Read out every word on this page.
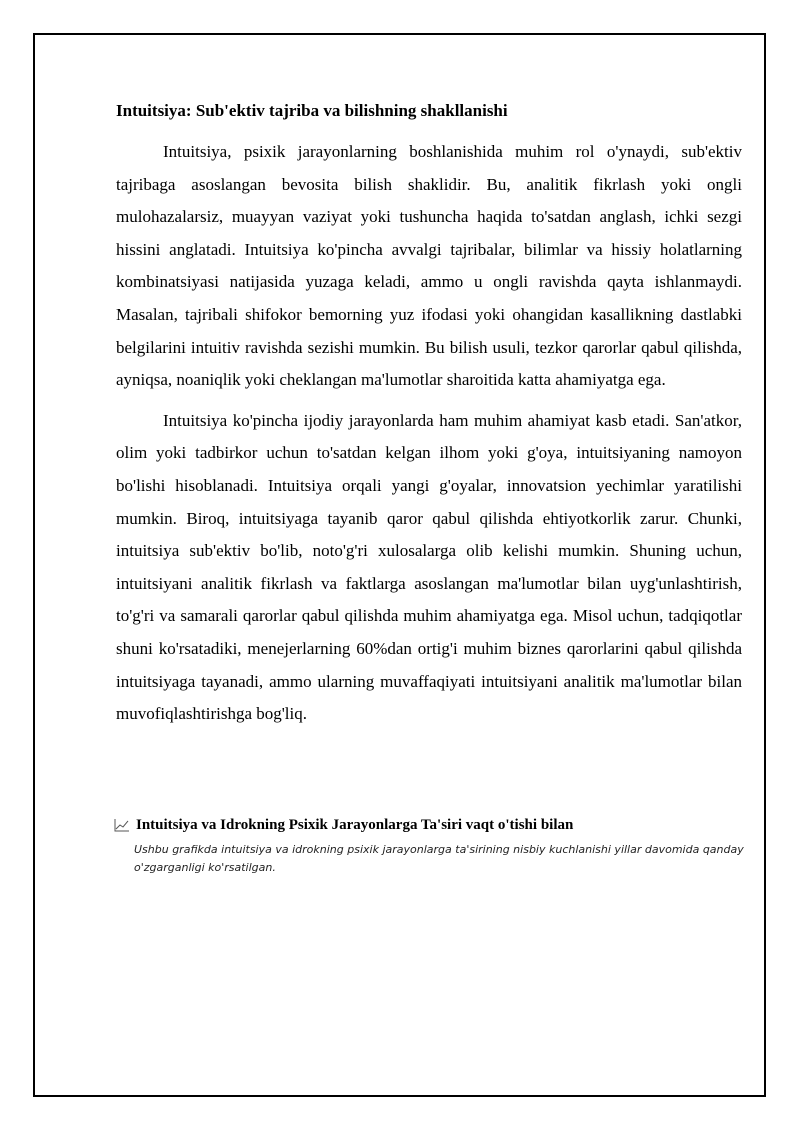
Intuitsiya: Sub'ektiv tajriba va bilishning shakllanishi

Intuitsiya, psixik jarayonlarning boshlanishida muhim rol o'ynaydi, sub'ektiv tajribaga asoslangan bevosita bilish shaklidir. Bu, analitik fikrlash yoki ongli mulohazalarsiz, muayyan vaziyat yoki tushuncha haqida to'satdan anglash, ichki sezgi hissini anglatadi. Intuitsiya ko'pincha avvalgi tajribalar, bilimlar va hissiy holatlarning kombinatsiyasi natijasida yuzaga keladi, ammo u ongli ravishda qayta ishlanmaydi. Masalan, tajribali shifokor bemorning yuz ifodasi yoki ohangidan kasallikning dastlabki belgilarini intuitiv ravishda sezishi mumkin. Bu bilish usuli, tezkor qarorlar qabul qilishda, ayniqsa, noaniqlik yoki cheklangan ma'lumotlar sharoitida katta ahamiyatga ega.

Intuitsiya ko'pincha ijodiy jarayonlarda ham muhim ahamiyat kasb etadi. San'atkor, olim yoki tadbirkor uchun to'satdan kelgan ilhom yoki g'oya, intuitsiyaning namoyon bo'lishi hisoblanadi. Intuitsiya orqali yangi g'oyalar, innovatsion yechimlar yaratilishi mumkin. Biroq, intuitsiyaga tayanib qaror qabul qilishda ehtiyotkorlik zarur. Chunki, intuitsiya sub'ektiv bo'lib, noto'g'ri xulosalarga olib kelishi mumkin. Shuning uchun, intuitsiyani analitik fikrlash va faktlarga asoslangan ma'lumotlar bilan uyg'unlashtirish, to'g'ri va samarali qarorlar qabul qilishda muhim ahamiyatga ega. Misol uchun, tadqiqotlar shuni ko'rsatadiki, menejerlarning 60%dan ortig'i muhim biznes qarorlarini qabul qilishda intuitsiyaga tayanadi, ammo ularning muvaffaqiyati intuitsiyani analitik ma'lumotlar bilan muvofiqlashtirishga bog'liq.

Intuitsiya va Idrokning Psixik Jarayonlarga Ta'siri vaqt o'tishi bilan
Ushbu grafikda intuitsiya va idrokning psixik jarayonlarga ta'sirining nisbiy kuchlanishi yillar davomida qanday o'zgarganligi ko'rsatilgan.
